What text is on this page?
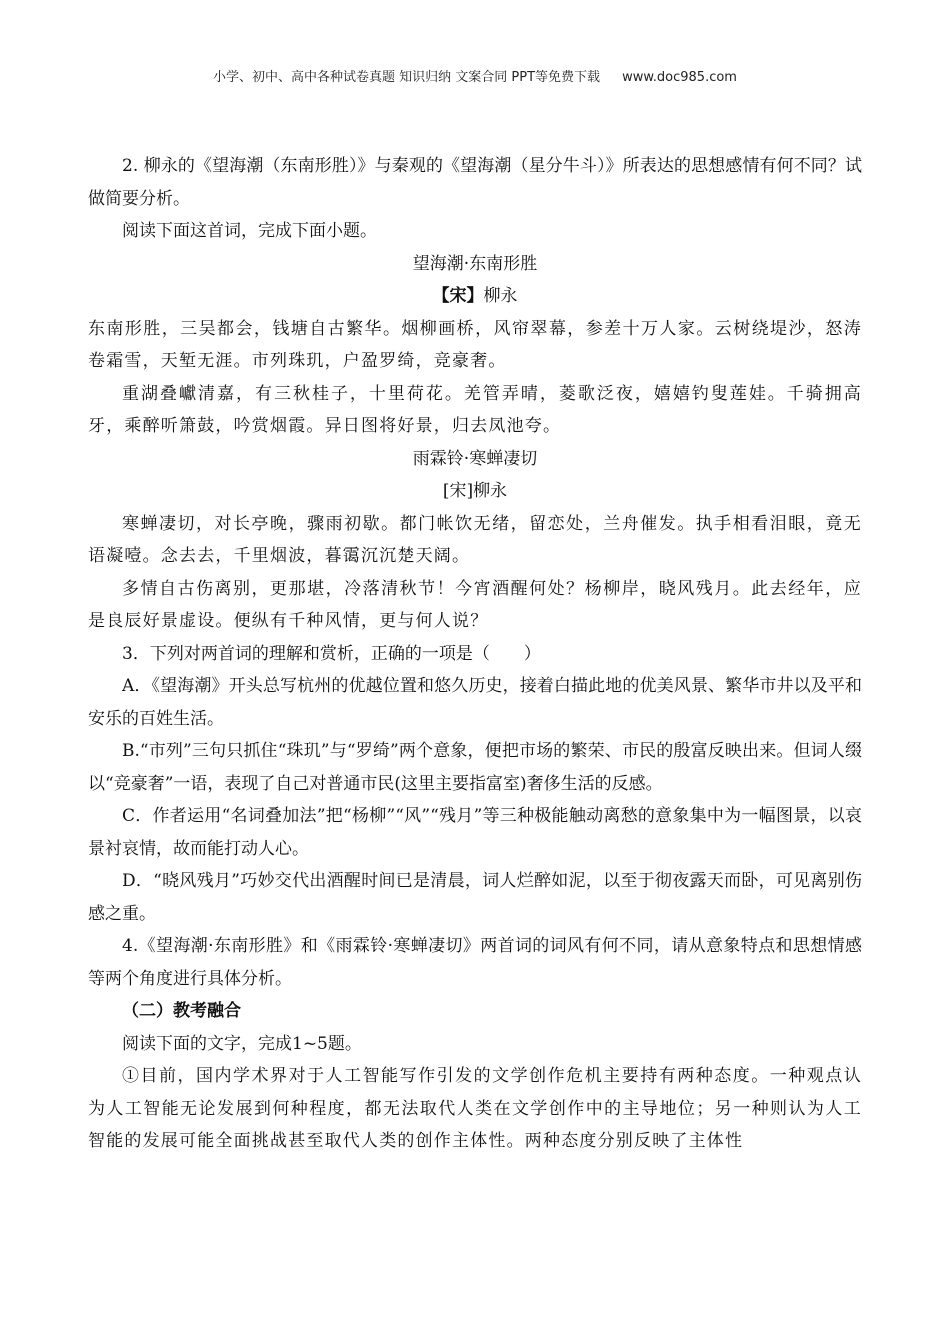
小学、初中、高中各种试卷真题 知识归纳 文案合同 PPT等免费下载 www.doc985.com

2. 柳永的《望海潮（东南形胜）》与秦观的《望海潮（星分牛斗）》所表达的思想感情有何不同？试做简要分析。

阅读下面这首词，完成下面小题。

望海潮·东南形胜

【宋】柳永

东南形胜，三吴都会，钱塘自古繁华。烟柳画桥，风帘翠幕，参差十万人家。云树绕堤沙，怒涛卷霜雪，天堑无涯。市列珠玑，户盈罗绮，竞豪奢。

重湖叠巘清嘉，有三秋桂子，十里荷花。羌管弄晴，菱歌泛夜，嬉嬉钓叟莲娃。千骑拥高牙，乘醉听箫鼓，吟赏烟霞。异日图将好景，归去凤池夸。

雨霖铃·寒蝉凄切

[宋]柳永

寒蝉凄切，对长亭晚，骤雨初歇。都门帐饮无绪，留恋处，兰舟催发。执手相看泪眼，竟无语凝噎。念去去，千里烟波，暮霭沉沉楚天阔。

多情自古伤离别，更那堪，冷落清秋节！今宵酒醒何处？杨柳岸，晓风残月。此去经年，应是良辰好景虚设。便纵有千种风情，更与何人说？

3．下列对两首词的理解和赏析，正确的一项是（　　）

A．《望海潮》开头总写杭州的优越位置和悠久历史，接着白描此地的优美风景、繁华市井以及平和安乐的百姓生活。

B.“市列”三句只抓住“珠玑”与“罗绮”两个意象，便把市场的繁荣、市民的殷富反映出来。但词人缀以“竞豪奢”一语，表现了自己对普通市民(这里主要指富室)奢侈生活的反感。

C．作者运用“名词叠加法”把“杨柳”“风”“残月”等三种极能触动离愁的意象集中为一幅图景，以哀景衬哀情，故而能打动人心。

D．“晓风残月”巧妙交代出酒醒时间已是清晨，词人烂醉如泥，以至于彻夜露天而卧，可见离别伤感之重。

4.《望海潮·东南形胜》和《雨霖铃·寒蝉凄切》两首词的词风有何不同，请从意象特点和思想情感等两个角度进行具体分析。

（二）教考融合

阅读下面的文字，完成1~5题。

①目前，国内学术界对于人工智能写作引发的文学创作危机主要持有两种态度。一种观点认为人工智能无论发展到何种程度，都无法取代人类在文学创作中的主导地位；另一种则认为人工智能的发展可能全面挑战甚至取代人类的创作主体性。两种态度分别反映了主体性
